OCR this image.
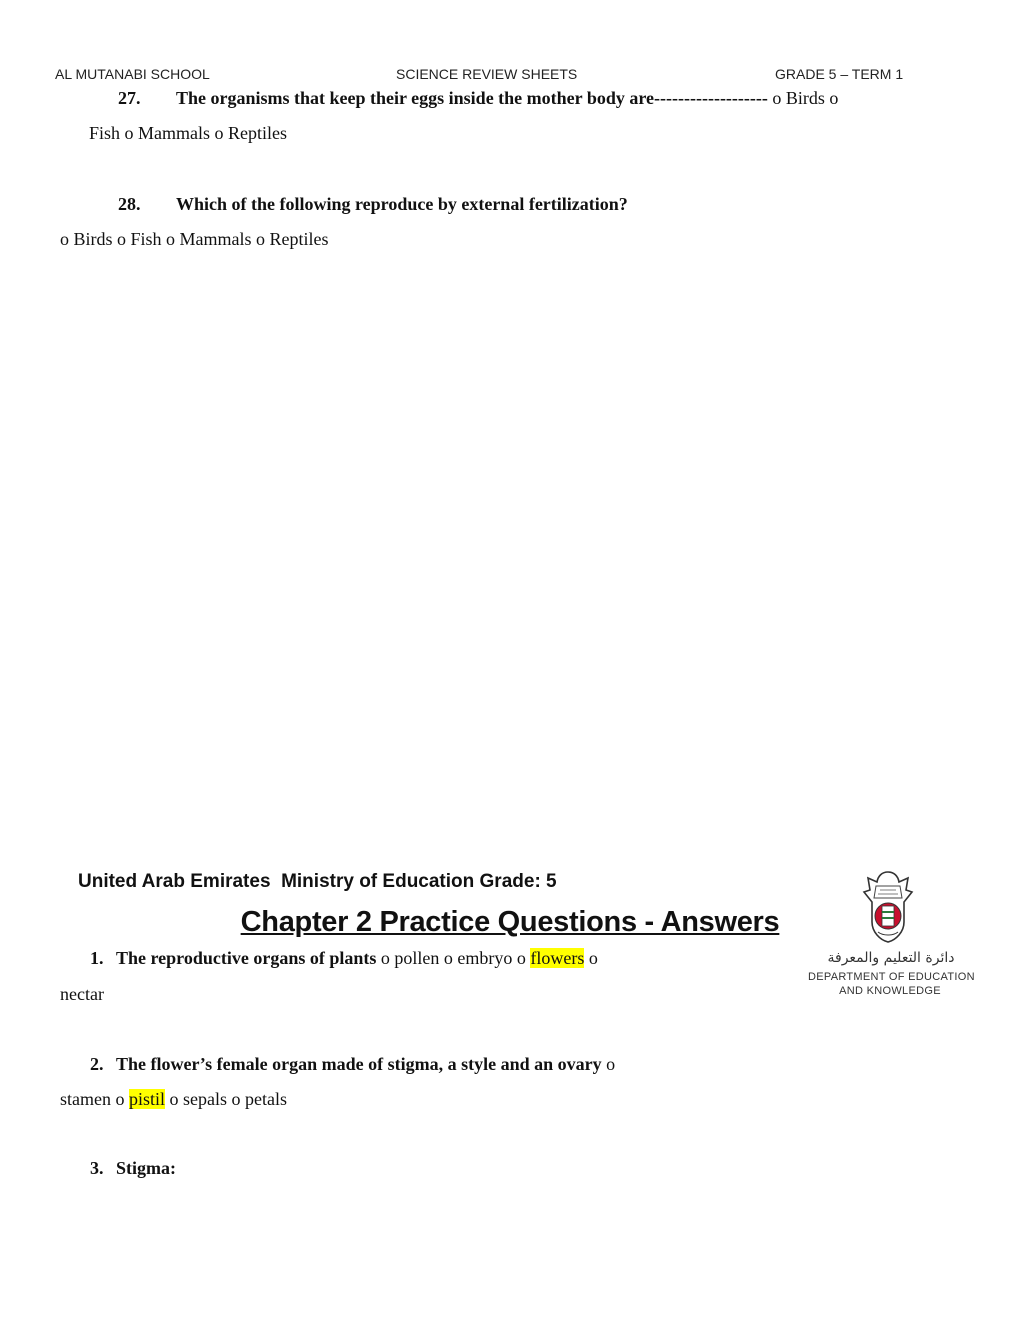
AL MUTANABI SCHOOL	SCIENCE REVIEW SHEETS	GRADE 5 – TERM 1
27. The organisms that keep their eggs inside the mother body are------------------- o Birds o
Fish o Mammals o Reptiles
28. Which of the following reproduce by external fertilization?
o Birds o Fish o Mammals o Reptiles
United Arab Emirates Ministry of Education Grade: 5
Chapter 2 Practice Questions - Answers
دائرة التعليم والمعرفة
DEPARTMENT OF EDUCATION
AND KNOWLEDGE
1. The reproductive organs of plants o pollen o embryo o flowers o
nectar
2. The flower’s female organ made of stigma, a style and an ovary o
stamen o pistil o sepals o petals
3. Stigma:
